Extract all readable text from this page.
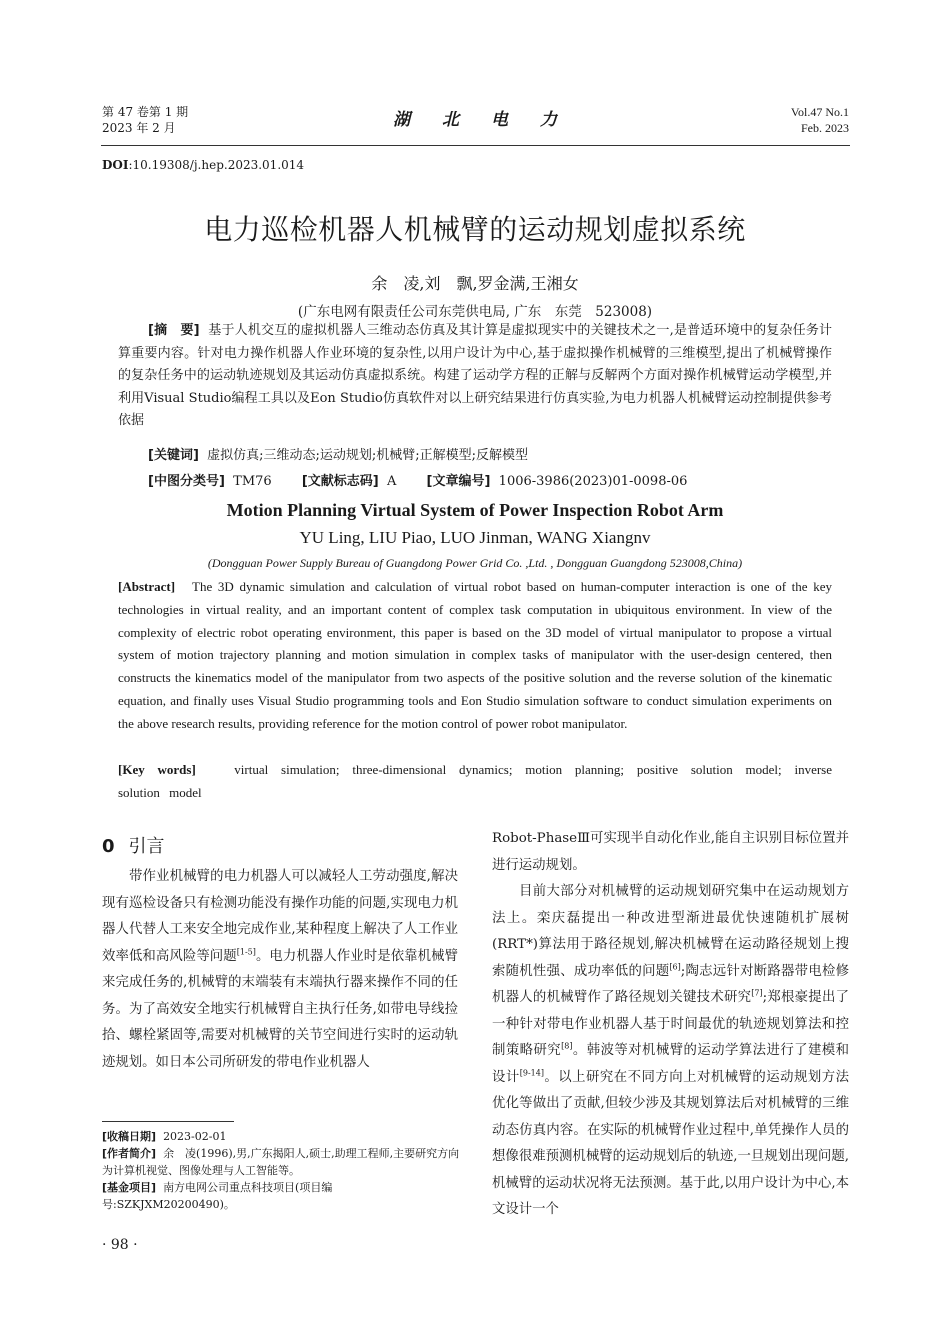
第 47 卷第 1 期
2023 年 2 月	湖北电力	Vol.47 No.1
Feb. 2023
DOI:10.19308/j.hep.2023.01.014
电力巡检机器人机械臂的运动规划虚拟系统
余　凌,刘　飘,罗金满,王湘女
(广东电网有限责任公司东莞供电局, 广东　东莞　523008)
[摘　要] 基于人机交互的虚拟机器人三维动态仿真及其计算是虚拟现实中的关键技术之一,是普适环境中的复杂任务计算重要内容。针对电力操作机器人作业环境的复杂性,以用户设计为中心,基于虚拟操作机械臂的三维模型,提出了机械臂操作的复杂任务中的运动轨迹规划及其运动仿真虚拟系统。构建了运动学方程的正解与反解两个方面对操作机械臂运动学模型,并利用Visual Studio编程工具以及Eon Studio仿真软件对以上研究结果进行仿真实验,为电力机器人机械臂运动控制提供参考依据
[关键词] 虚拟仿真;三维动态;运动规划;机械臂;正解模型;反解模型
[中图分类号] TM76 [文献标志码] A [文章编号] 1006-3986(2023)01-0098-06
Motion Planning Virtual System of Power Inspection Robot Arm
YU Ling, LIU Piao, LUO Jinman, WANG Xiangnv
(Dongguan Power Supply Bureau of Guangdong Power Grid Co. ,Ltd. , Dongguan Guangdong 523008,China)
[Abstract] The 3D dynamic simulation and calculation of virtual robot based on human-computer interaction is one of the key technologies in virtual reality, and an important content of complex task computation in ubiquitous environment. In view of the complexity of electric robot operating environment, this paper is based on the 3D model of virtual manipulator to propose a virtual system of motion trajectory planning and motion simulation in complex tasks of manipulator with the user-design centered, then constructs the kinematics model of the manipulator from two aspects of the positive solution and the reverse solution of the kinematic equation, and finally uses Visual Studio programming tools and Eon Studio simulation software to conduct simulation experiments on the above research results, providing reference for the motion control of power robot manipulator.
[Key words]	virtual simulation; three-dimensional dynamics; motion planning; positive solution model; inverse solution model
0 引言
带作业机械臂的电力机器人可以减轻人工劳动强度,解决现有巡检设备只有检测功能没有操作功能的问题,实现电力机器人代替人工来安全地完成作业,某种程度上解决了人工作业效率低和高风险等问题[1-5]。电力机器人作业时是依靠机械臂来完成任务的,机械臂的末端装有末端执行器来操作不同的任务。为了高效安全地实行机械臂自主执行任务,如带电导线捡拾、螺栓紧固等,需要对机械臂的关节空间进行实时的运动轨迹规划。如日本公司所研发的带电作业机器人

Robot-PhaseⅢ可实现半自动化作业,能自主识别目标位置并进行运动规划。

目前大部分对机械臂的运动规划研究集中在运动规划方法上。栾庆磊提出一种改进型渐进最优快速随机扩展树(RRT*)算法用于路径规划,解决机械臂在运动路径规划上搜索随机性强、成功率低的问题[6];陶志远针对断路器带电检修机器人的机械臂作了路径规划关键技术研究[7];郑根豪提出了一种针对带电作业机器人基于时间最优的轨迹规划算法和控制策略研究[8]。韩波等对机械臂的运动学算法进行了建模和设计[9-14]。以上研究在不同方向上对机械臂的运动规划方法优化等做出了贡献,但较少涉及其规划算法后对机械臂的三维动态仿真内容。在实际的机械臂作业过程中,单凭操作人员的想像很难预测机械臂的运动规划后的轨迹,一旦规划出现问题,机械臂的运动状况将无法预测。基于此,以用户设计为中心,本文设计一个

[收稿日期] 2023-02-01
[作者简介] 余　凌(1996),男,广东揭阳人,硕士,助理工程师,主要研究方向为计算机视觉、图像处理与人工智能等。
[基金项目] 南方电网公司重点科技项目(项目编号:SZKJXM20200490)。
· 98 ·
